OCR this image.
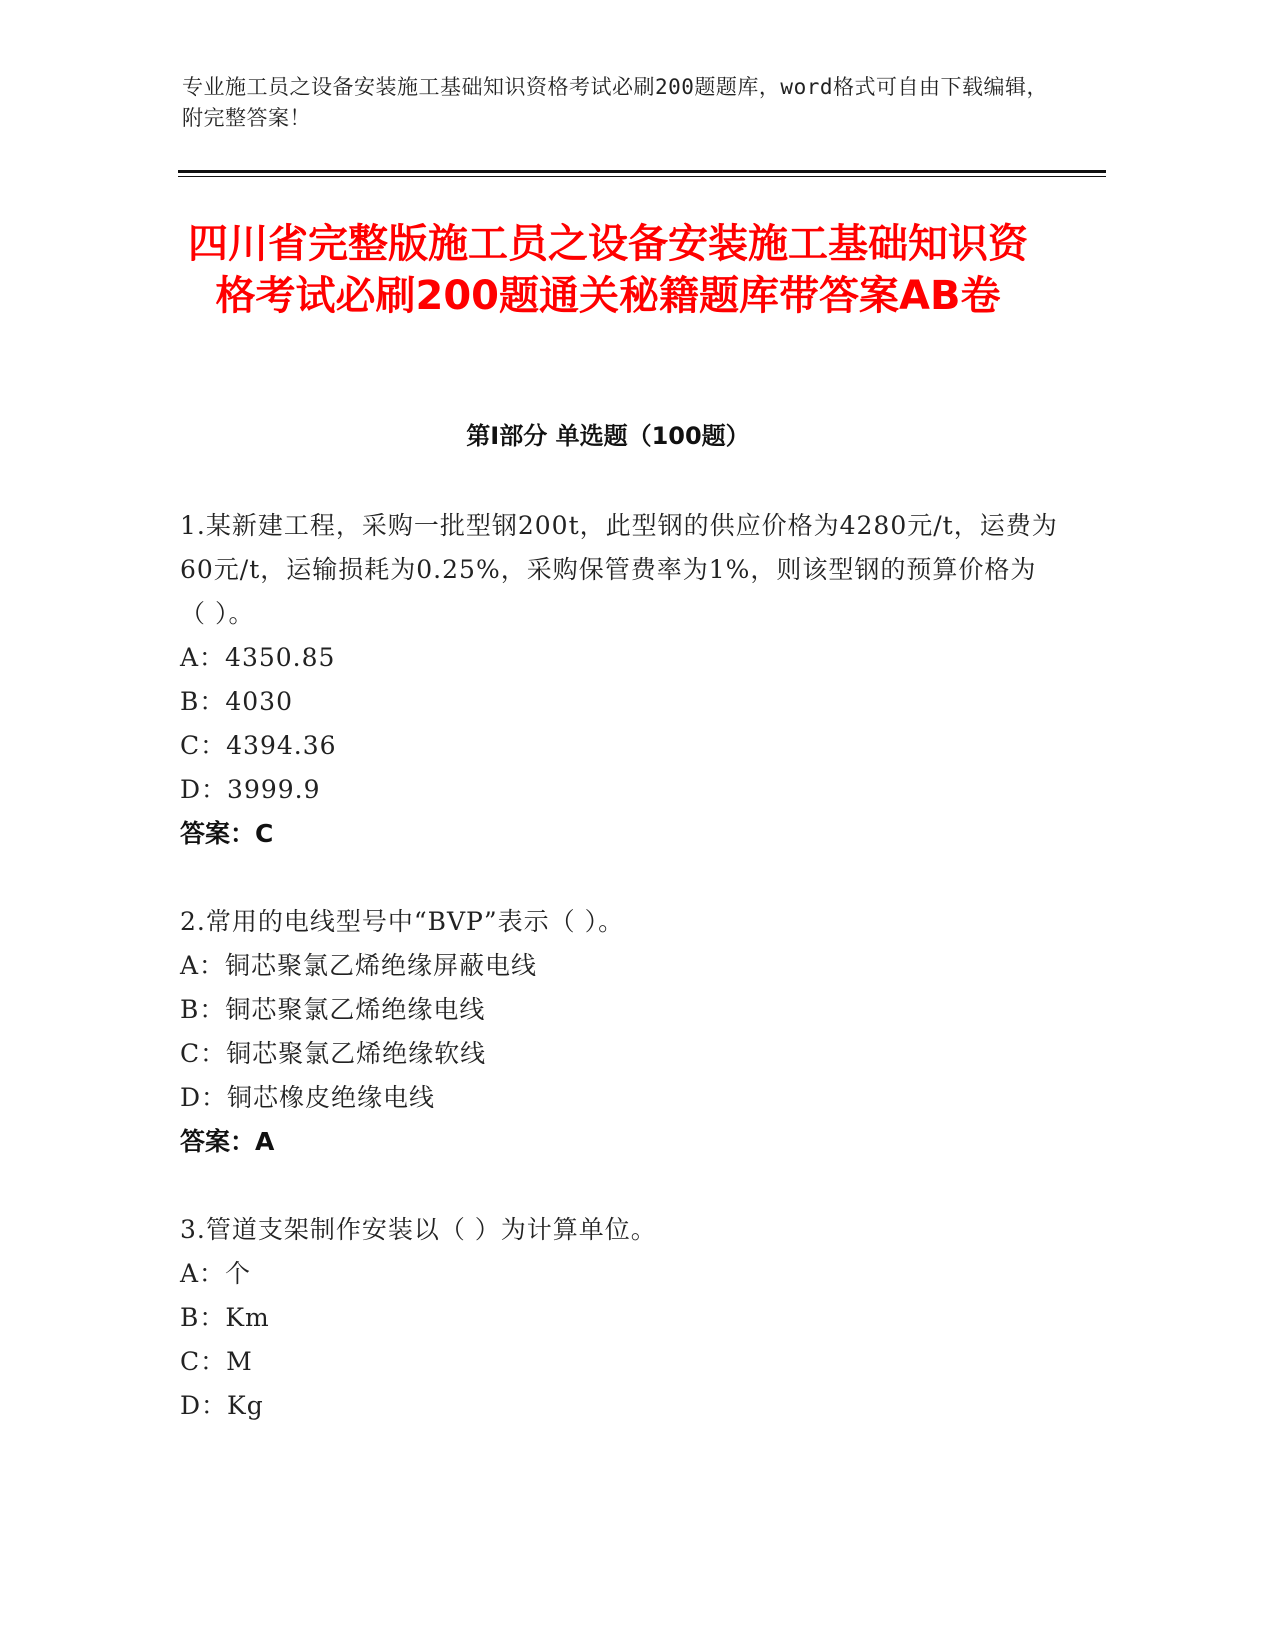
专业施工员之设备安装施工基础知识资格考试必刷200题题库，word格式可自由下载编辑，附完整答案！
四川省完整版施工员之设备安装施工基础知识资格考试必刷200题通关秘籍题库带答案AB卷
第I部分 单选题（100题）
1.某新建工程，采购一批型钢200t，此型钢的供应价格为4280元/t，运费为60元/t，运输损耗为0.25%，采购保管费率为1%，则该型钢的预算价格为（ ）。
A：4350.85
B：4030
C：4394.36
D：3999.9
答案：C
2.常用的电线型号中“BVP”表示（ ）。
A：铜芯聚氯乙烯绝缘屏蔽电线
B：铜芯聚氯乙烯绝缘电线
C：铜芯聚氯乙烯绝缘软线
D：铜芯橡皮绝缘电线
答案：A
3.管道支架制作安装以（ ）为计算单位。
A：个
B：Km
C：M
D：Kg
